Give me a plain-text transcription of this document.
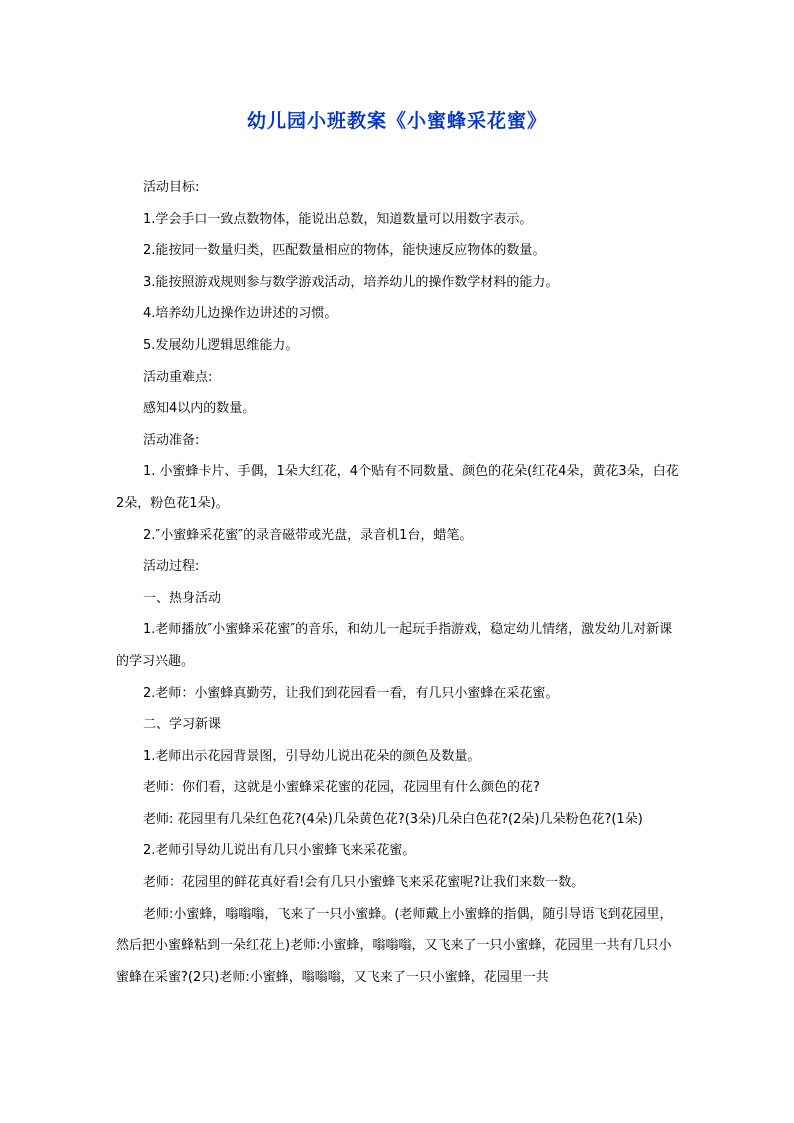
幼儿园小班教案《小蜜蜂采花蜜》

活动目标:

1.学会手口一致点数物体，能说出总数，知道数量可以用数字表示。

2.能按同一数量归类，匹配数量相应的物体，能快速反应物体的数量。

3.能按照游戏规则参与数学游戏活动，培养幼儿的操作数学材料的能力。

4.培养幼儿边操作边讲述的习惯。

5.发展幼儿逻辑思维能力。

活动重难点:

感知4以内的数量。

活动准备:

1. 小蜜蜂卡片、手偶，1朵大红花，4个贴有不同数量、颜色的花朵(红花4朵，黄花3朵，白花2朵，粉色花1朵)。

2.″小蜜蜂采花蜜″的录音磁带或光盘，录音机1台，蜡笔。

活动过程:

一、热身活动

1.老师播放″小蜜蜂采花蜜″的音乐，和幼儿一起玩手指游戏，稳定幼儿情绪，激发幼儿对新课的学习兴趣。

2.老师：小蜜蜂真勤劳，让我们到花园看一看，有几只小蜜蜂在采花蜜。

二、学习新课

1.老师出示花园背景图，引导幼儿说出花朵的颜色及数量。

老师：你们看，这就是小蜜蜂采花蜜的花园，花园里有什么颜色的花?

老师: 花园里有几朵红色花?(4朵)几朵黄色花?(3朵)几朵白色花?(2朵)几朵粉色花?(1朵)

2.老师引导幼儿说出有几只小蜜蜂飞来采花蜜。

老师：花园里的鲜花真好看!会有几只小蜜蜂飞来采花蜜呢?让我们来数一数。

老师:小蜜蜂，嗡嗡嗡，飞来了一只小蜜蜂。(老师戴上小蜜蜂的指偶，随引导语飞到花园里，然后把小蜜蜂粘到一朵红花上)老师:小蜜蜂，嗡嗡嗡，又飞来了一只小蜜蜂，花园里一共有几只小蜜蜂在采蜜?(2只)老师:小蜜蜂，嗡嗡嗡，又飞来了一只小蜜蜂，花园里一共
